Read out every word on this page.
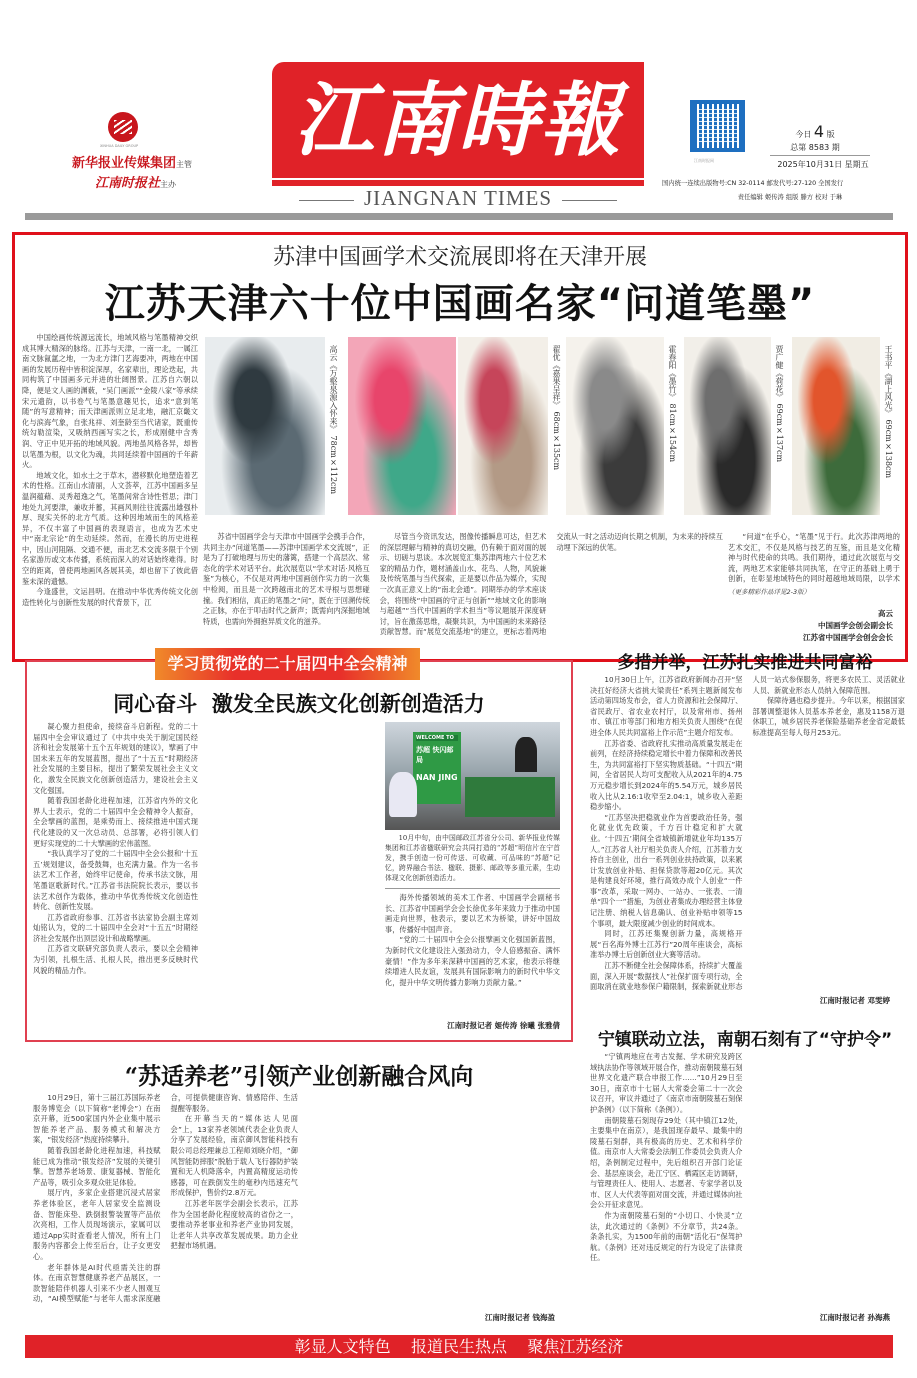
XINHUA DAILY GROUP
新华报业传媒集团主管
江南时报社主办
江南時報
JIANGNAN TIMES
江南时报网
今日 4 版
总第 8583 期
2025年10月31日 星期五
国内统一连续出版物号:CN 32-0114 邮发代号:27-120 全国发行
责任编辑 姬传涛 组版 滕方 校对 于琳
苏津中国画学术交流展即将在天津开展
江苏天津六十位中国画名家“问道笔墨”

中国绘画传统源远流长，地域风格与笔墨精神交织成其博大精深的脉络。江苏与天津，一南一北，一属江南文脉氤氲之地，一为北方津门艺海要冲，两地在中国画的发展历程中皆积淀深厚，名家辈出，理论迭起，共同构筑了中国画多元并进的壮阔图景。江苏自六朝以降，便是文人画的渊薮，“吴门画派”“金陵八家”等承续宋元遗韵，以书卷气与笔墨意趣见长，追求“意到笔随”的写意精神；而天津画派则立足北地，融汇京畿文化与滨海气象，自张兆祥、刘奎龄至当代诸家，既重传统勾勒渲染，又吸纳西画写实之长，形成刚健中含秀润、守正中见开拓的地域风貌。两地虽风格各异，却皆以笔墨为根，以文化为魂，共同延续着中国画的千年薪火。

地域文化，如水土之于草木，潜移默化地塑造着艺术的性格。江南山水清丽，人文荟萃，江苏中国画多呈温润蕴藉、灵秀超逸之气，笔墨间常含诗性哲思；津门地处九河要津，兼收并蓄，其画风则往往流露出雄强朴厚、现实关怀的北方气质。这种因地域而生的风格差异，不仅丰富了中国画的表现语言，也成为艺术史中“南北宗论”的生动延续。然而，在漫长的历史进程中，因山河阻隔、交通不便，南北艺术交流多限于个别名家游历或文本传播，系统而深入的对话始终难得。时空的距离，曾使两地画风各展其美，却也留下了彼此借鉴未深的遗憾。

今逢盛世，文运昌明。在推动中华优秀传统文化创造性转化与创新性发展的时代背景下，江

高云《万壑泉源入怀来》 78cm×112cm	翟优《嘉果呈祥》 68cm×135cm	霍春阳《墨竹》 81cm×154cm	贾广健《荷花》 69cm×137cm	王书平《湖上风光》 69cm×138cm

苏省中国画学会与天津市中国画学会携手合作，共同主办“问道笔墨——苏津中国画学术交流展”，正是为了打破地理与历史的藩篱，搭建一个高层次、常态化的学术对话平台。此次展览以“学术对话·风格互鉴”为核心，不仅是对两地中国画创作实力的一次集中检阅，而且是一次跨越南北的艺术寻根与思想碰撞。我们相信，真正的笔墨之“问”，既在于回溯传统之正脉，亦在于叩击时代之新声；既需向内深掘地域特质，也需向外拥抱异质文化的滋养。

尽管当今资讯发达，图像传播瞬息可达，但艺术的深层理解与精神的真切交融，仍有赖于面对面的展示、切磋与思谈。本次展览汇集苏津两地六十位艺术家的精品力作，题材涵盖山水、花鸟、人物，风貌兼及传统笔墨与当代探索，正是要以作品为媒介，实现一次真正意义上的“南北会通”。同期举办的学术座谈会，将围绕“中国画的守正与创新”“地域文化的影响与超越”“当代中国画的学术担当”等议题展开深度研讨，旨在激荡思维，凝聚共识，为中国画的未来路径贡献智慧。而“展览交流基地”的建立，更标志着两地交流从一时之活动迈向长期之机制，为未来的持续互动埋下深远的伏笔。

“问道”在乎心，“笔墨”见于行。此次苏津两地的艺术交汇，不仅是风格与技艺的互鉴，而且是文化精神与时代使命的共鸣。我们期待，通过此次展览与交流，两地艺术家能够共同执笔，在守正的基础上勇于创新，在彰显地域特色的同时超越地域局限，以学术

（更多精彩作品详见2-3版）
高云
中国画学会创会副会长
江苏省中国画学会创会会长
学习贯彻党的二十届四中全会精神
同心奋斗  激发全民族文化创新创造活力

凝心聚力担使命，接续奋斗启新程。党的二十届四中全会审议通过了《中共中央关于制定国民经济和社会发展第十五个五年规划的建议》，擘画了中国未来五年的发展蓝图，提出了“十五五”时期经济社会发展的主要目标，提出了繁荣发展社会主义文化，激发全民族文化创新创造活力，建设社会主义文化强国。

随着我国老龄化进程加速，江苏省内外的文化界人士表示，党的二十届四中全会精神令人振奋，全会擘画的蓝图，是乘势而上、接续推进中国式现代化建设的又一次总动员、总部署，必将引领人们更好实现党的二十大擘画的宏伟蓝图。

“我认真学习了党的二十届四中全会公报和‘十五五’规划建议，备受鼓舞，也充满力量。作为一名书法艺术工作者，始终牢记使命，传承书法文脉，用笔墨讴歌新时代。”江苏省书法院院长表示，要以书法艺术创作为载体，推动中华优秀传统文化创造性转化、创新性发展。

江苏省政府参事、江苏省书法家协会副主席刘灿铭认为，党的二十届四中全会对“十五五”时期经济社会发展作出顶层设计和战略擘画。

江苏省文联研究部负责人表示，要以全会精神为引领，扎根生活、扎根人民，推出更多反映时代风貌的精品力作。

WELCOME TO
苏超 快闪邮局
NAN JING

10月中旬，由中国邮政江苏省分公司、新华报业传媒集团和江苏省楹联研究会共同打造的“苏超”明信片在宁首发，携手创造一份可传送、可收藏、可品味的“苏超”记忆，跨界融合书法、楹联、摄影、邮政等多重元素，生动体现文化创新创造活力。

海外传播领域的美术工作者、中国画学会副秘书长、江苏省中国画学会会长徐优多年来致力于推动中国画走向世界，他表示，要以艺术为桥梁，讲好中国故事，传播好中国声音。

“党的二十届四中全会公报擘画文化强国新蓝图，为新时代文化建设注入强劲动力，令人倍感振奋、满怀豪情！”作为多年来深耕中国画的艺术家，他表示将继续增进人民友谊，发展具有国际影响力的新时代中华文化，提升中华文明传播力影响力贡献力量。”

江南时报记者 姬传涛 徐曦 张雅倩
多措并举，江苏扎实推进共同富裕

10月30日上午，江苏省政府新闻办召开“坚决扛好经济大省挑大梁责任”系列主题新闻发布活动第四场发布会，省人力资源和社会保障厅、省民政厅、省农业农村厅，以及常州市、扬州市、镇江市等部门和地方相关负责人围绕“在促进全体人民共同富裕上作示范”主题介绍发布。

江苏省委、省政府扎实推动高质量发展走在前列，在经济持续稳定增长中着力保障和改善民生，为共同富裕打下坚实物质基础。“十四五”期间，全省居民人均可支配收入从2021年的4.75万元稳步增长到2024年的5.54万元，城乡居民收入比从2.16:1收窄至2.04:1，城乡收入差距稳步缩小。

“江苏坚决把稳就业作为首要政治任务，强化就业优先政策，千方百计稳定和扩大就业。‘十四五’期间全省城镇新增就业年均135万人。”江苏省人社厅相关负责人介绍，江苏着力支持自主创业，出台一系列创业扶持政策，以来累计发放创业补贴、担保贷款等超20亿元。其次是构建良好环境，推行高效办成个人创业“一件事”改革，采取一网办、一站办、一张表、一清单“四个一”措施，为创业者集成办理经营主体登记注册、纳税人信息确认、创业补贴申领等15个事项，最大限度减少创业的时间成本。

同时，江苏还集聚创新力量，高规格开展“百名海外博士江苏行”20周年座谈会，高标准举办博士后创新创业大赛等活动。

江苏不断健全社会保障体系，持续扩大覆盖面，深入开展“数据找人”社保扩面专项行动，全面取消在就业地参保户籍限制，探索新就业形态人员一站式参保服务，将更多农民工、灵活就业人员、新就业形态人员纳入保障范围。

保障待遇也稳步提升。今年以来，根据国家部署调整退休人员基本养老金，惠及1158万退休职工，城乡居民养老保险基础养老金省定最低标准提高至每人每月253元。

江南时报记者 邓雯婷
宁镇联动立法，南朝石刻有了“守护令”

“宁镇两地应在考古发掘、学术研究及跨区域执法协作等领域开展合作，推动南朝陵墓石刻世界文化遗产联合申报工作……”10月29日至30日，南京市十七届人大常委会第二十一次会议召开，审议并通过了《南京市南朝陵墓石刻保护条例》（以下简称《条例》）。

南朝陵墓石刻现存29处（其中镇江12处，主要集中在南京），是我国现存最早、最集中的陵墓石刻群，具有极高的历史、艺术和科学价值。南京市人大常委会法制工作委员会负责人介绍，条例制定过程中，先后组织召开部门论证会、基层座谈会，赴江宁区、栖霞区走访调研，与管理责任人、使用人、志愿者、专家学者以及市、区人大代表等面对面交流，并通过媒体向社会公开征求意见。

作为南朝陵墓石刻的“小切口、小快灵”立法，此次通过的《条例》不分章节，共24条。条条扎实，为1500年前的南朝“活化石”保驾护航。《条例》还对违反规定的行为设定了法律责任。

江南时报记者 孙海燕
“苏适养老”引领产业创新融合风向

10月29日，第十三届江苏国际养老服务博览会（以下简称“老博会”）在南京开幕，近500家国内外企业集中展示智能养老产品、服务模式和解决方案，“银发经济”热度持续攀升。

随着我国老龄化进程加速，科技赋能已成为推动“银发经济”发展的关键引擎。智慧养老场景、康复器械、智能化产品等，吸引众多观众驻足体验。

展厅内，多家企业搭建沉浸式居家养老体验区，老年人居家安全监测设备、智能床垫、跌倒报警装置等产品依次亮相，工作人员现场演示，家属可以通过App实时查看老人情况，所有上门服务内容都会上传至后台，让子女更安心。

老年群体是AI时代亟需关注的群体。在南京智慧健康养老产品展区，一款智能陪伴机器人引来不少老人围观互动，“AI模型赋能”与老年人需求深度融合，可提供健康咨询、情感陪伴、生活提醒等服务。

在开幕当天的“媒体达人见面会”上，13家养老领域代表企业负责人分享了发展经验，南京御风智能科技有限公司总经理兼总工程师刘晓介绍，“御风智能防摔服”脱胎于载人飞行器防护装置和无人机降落伞，内置高精度运动传感器，可在跌倒发生的毫秒内迅速充气形成保护，售价约2.8万元。

江苏老年医学会副会长表示，江苏作为全国老龄化程度较高的省份之一，要推动养老事业和养老产业协同发展，让老年人共享改革发展成果。助力企业把握市场机遇。

江南时报记者 钱海盈
彰显人文特色    报道民生热点    聚焦江苏经济
